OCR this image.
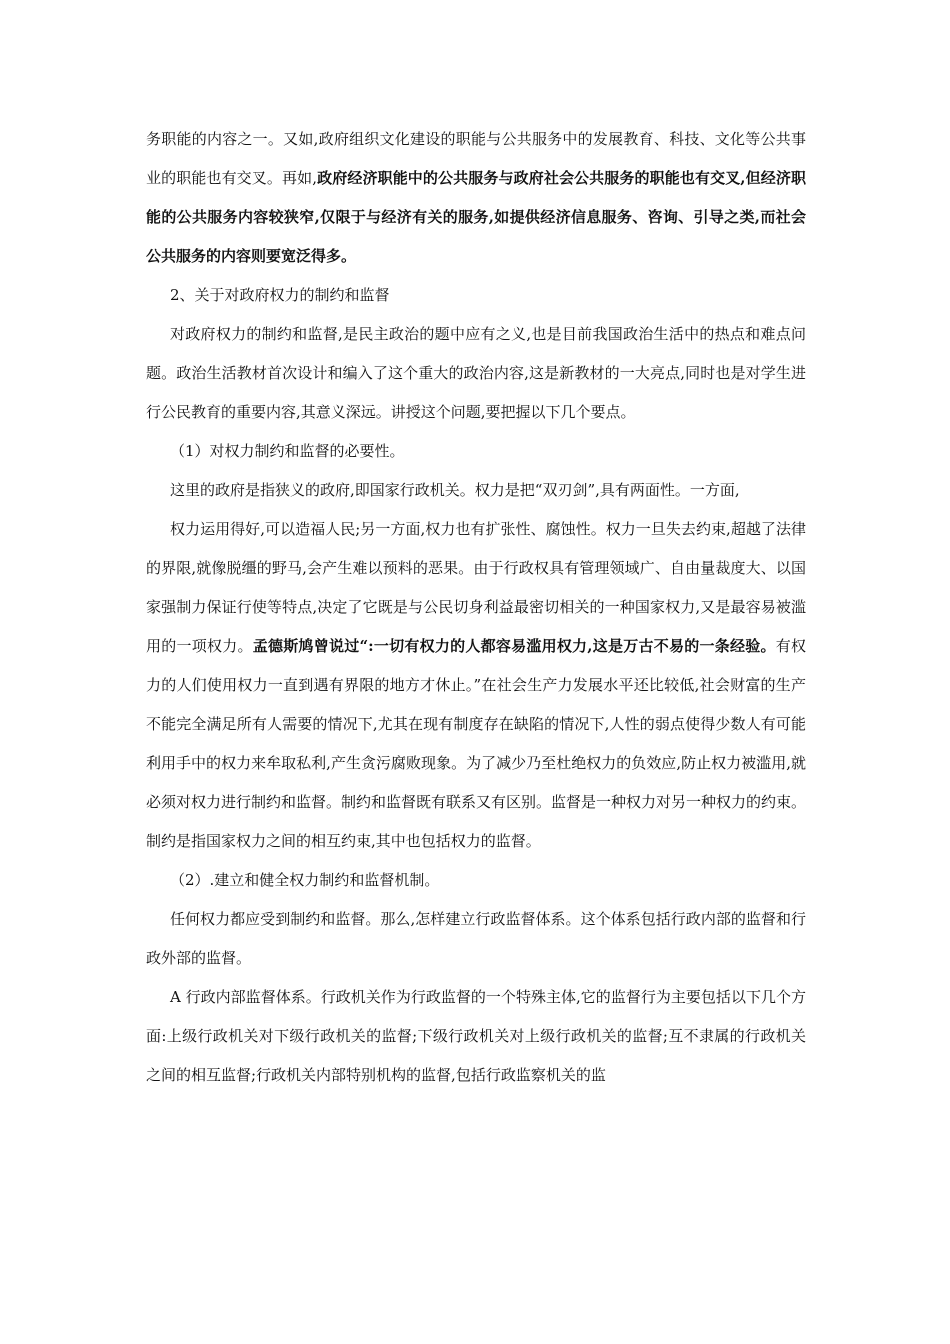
务职能的内容之一。又如,政府组织文化建设的职能与公共服务中的发展教育、科技、文化等公共事业的职能也有交叉。再如,政府经济职能中的公共服务与政府社会公共服务的职能也有交叉,但经济职能的公共服务内容较狭窄,仅限于与经济有关的服务,如提供经济信息服务、咨询、引导之类,而社会公共服务的内容则要宽泛得多。

2、关于对政府权力的制约和监督

对政府权力的制约和监督,是民主政治的题中应有之义,也是目前我国政治生活中的热点和难点问题。政治生活教材首次设计和编入了这个重大的政治内容,这是新教材的一大亮点,同时也是对学生进行公民教育的重要内容,其意义深远。讲授这个问题,要把握以下几个要点。

（1）对权力制约和监督的必要性。

这里的政府是指狭义的政府,即国家行政机关。权力是把“双刃剑”,具有两面性。一方面,

权力运用得好,可以造福人民;另一方面,权力也有扩张性、腐蚀性。权力一旦失去约束,超越了法律的界限,就像脱缰的野马,会产生难以预料的恶果。由于行政权具有管理领域广、自由量裁度大、以国家强制力保证行使等特点,决定了它既是与公民切身利益最密切相关的一种国家权力,又是最容易被滥用的一项权力。孟德斯鸠曾说过“:一切有权力的人都容易滥用权力,这是万古不易的一条经验。有权力的人们使用权力一直到遇有界限的地方才休止。”在社会生产力发展水平还比较低,社会财富的生产不能完全满足所有人需要的情况下,尤其在现有制度存在缺陷的情况下,人性的弱点使得少数人有可能利用手中的权力来牟取私利,产生贪污腐败现象。为了减少乃至杜绝权力的负效应,防止权力被滥用,就必须对权力进行制约和监督。制约和监督既有联系又有区别。监督是一种权力对另一种权力的约束。制约是指国家权力之间的相互约束,其中也包括权力的监督。

（2）.建立和健全权力制约和监督机制。

任何权力都应受到制约和监督。那么,怎样建立行政监督体系。这个体系包括行政内部的监督和行政外部的监督。

A 行政内部监督体系。行政机关作为行政监督的一个特殊主体,它的监督行为主要包括以下几个方面:上级行政机关对下级行政机关的监督;下级行政机关对上级行政机关的监督;互不隶属的行政机关之间的相互监督;行政机关内部特别机构的监督,包括行政监察机关的监
